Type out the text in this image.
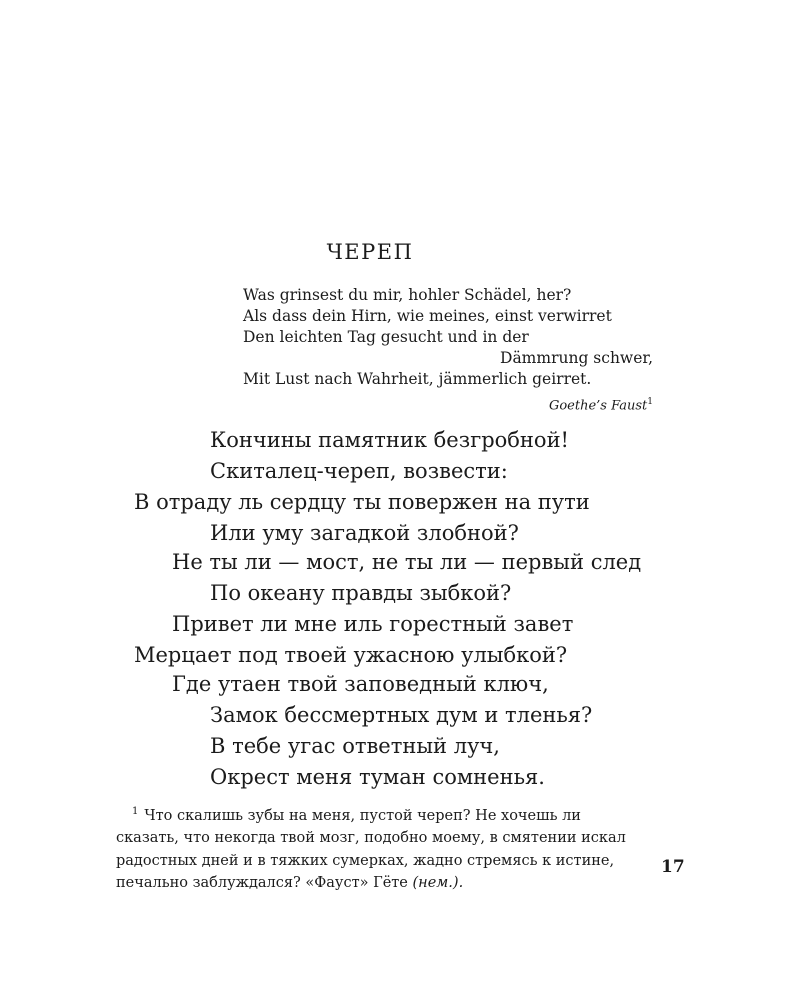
ЧЕРЕП
Was grinsest du mir, hohler Schädel, her?
Als dass dein Hirn, wie meines, einst verwirret
Den leichten Tag gesucht und in der
Dämmrung schwer,
Mit Lust nach Wahrheit, jämmerlich geirret.
Goethe’s Faust$^1$
Кончины памятник безгробной!
Скиталец-череп, возвести:
В отраду ль сердцу ты повержен на пути
Или уму загадкой злобной?
Не ты ли — мост, не ты ли — первый след
По океану правды зыбкой?
Привет ли мне иль горестный завет
Мерцает под твоей ужасною улыбкой?
Где утаен твой заповедный ключ,
Замок бессмертных дум и тленья?
В тебе угас ответный луч,
Окрест меня туман сомненья.
$^1$ Что скалишь зубы на меня, пустой череп? Не хочешь ли
сказать, что некогда твой мозг, подобно моему, в смятении искал
радостных дней и в тяжких сумерках, жадно стремясь к истине,
печально заблуждался? «Фауст» Гёте (нем.).
17
